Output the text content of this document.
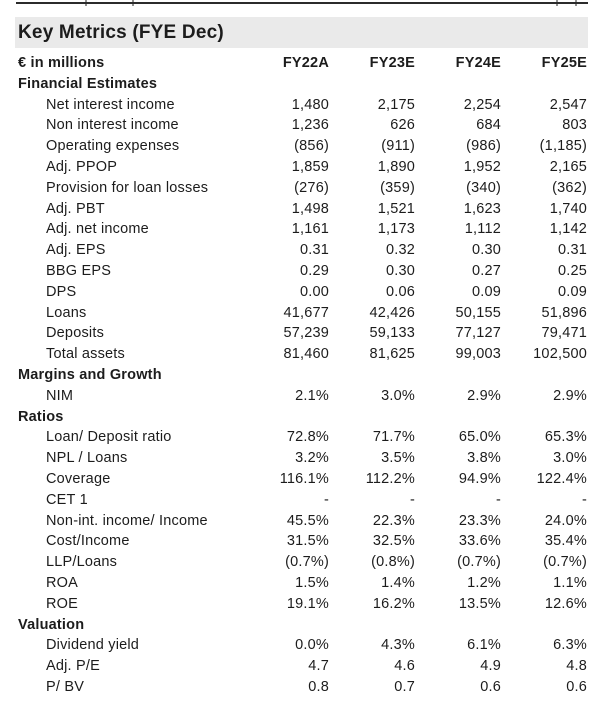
Key Metrics (FYE Dec)
€ in millions	FY22A	FY23E	FY24E	FY25E
Financial Estimates
Net interest income	1,480	2,175	2,254	2,547
Non interest income	1,236	626	684	803
Operating expenses	(856)	(911)	(986)	(1,185)
Adj. PPOP	1,859	1,890	1,952	2,165
Provision for loan losses	(276)	(359)	(340)	(362)
Adj. PBT	1,498	1,521	1,623	1,740
Adj. net income	1,161	1,173	1,112	1,142
Adj. EPS	0.31	0.32	0.30	0.31
BBG EPS	0.29	0.30	0.27	0.25
DPS	0.00	0.06	0.09	0.09
Loans	41,677	42,426	50,155	51,896
Deposits	57,239	59,133	77,127	79,471
Total assets	81,460	81,625	99,003	102,500
Margins and Growth
NIM	2.1%	3.0%	2.9%	2.9%
Ratios
Loan/ Deposit ratio	72.8%	71.7%	65.0%	65.3%
NPL / Loans	3.2%	3.5%	3.8%	3.0%
Coverage	116.1%	112.2%	94.9%	122.4%
CET 1	-	-	-	-
Non-int. income/ Income	45.5%	22.3%	23.3%	24.0%
Cost/Income	31.5%	32.5%	33.6%	35.4%
LLP/Loans	(0.7%)	(0.8%)	(0.7%)	(0.7%)
ROA	1.5%	1.4%	1.2%	1.1%
ROE	19.1%	16.2%	13.5%	12.6%
Valuation
Dividend yield	0.0%	4.3%	6.1%	6.3%
Adj. P/E	4.7	4.6	4.9	4.8
P/ BV	0.8	0.7	0.6	0.6
